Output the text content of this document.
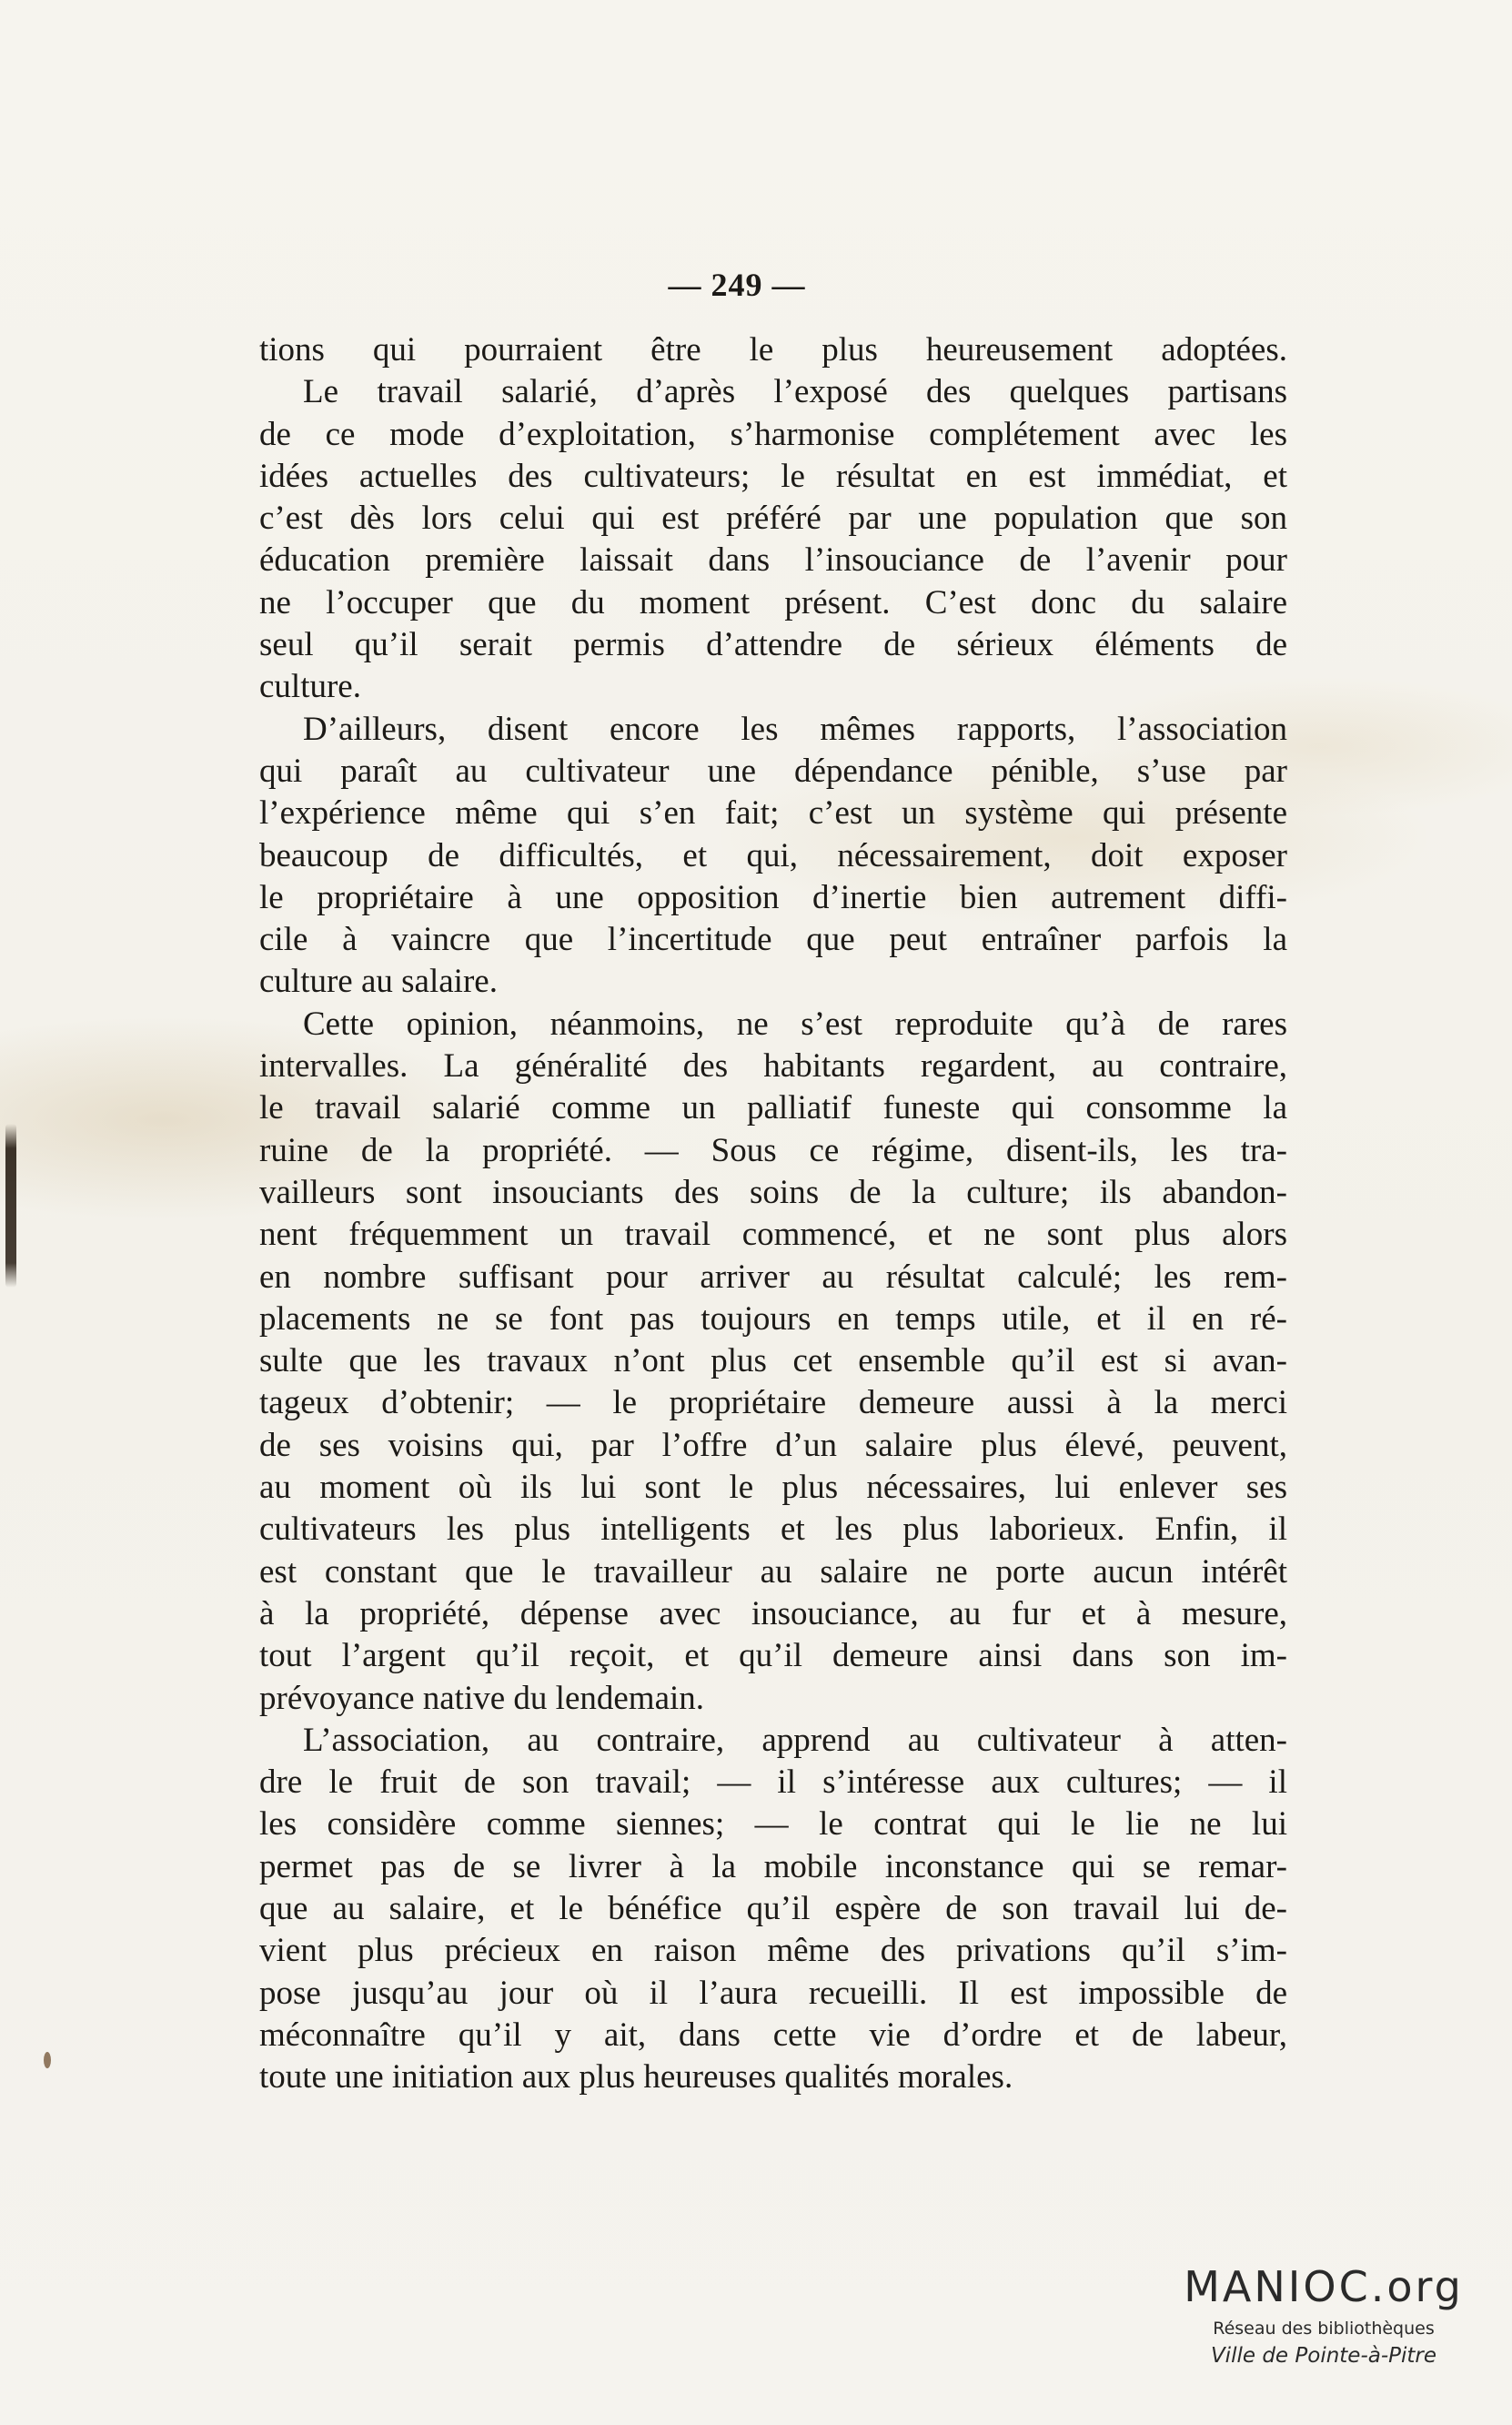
— 249 —
tions qui pourraient être le plus heureusement adoptées.
Le travail salarié, d’après l’exposé des quelques partisans
de ce mode d’exploitation, s’harmonise complétement avec les
idées actuelles des cultivateurs; le résultat en est immédiat, et
c’est dès lors celui qui est préféré par une population que son
éducation première laissait dans l’insouciance de l’avenir pour
ne l’occuper que du moment présent. C’est donc du salaire
seul qu’il serait permis d’attendre de sérieux éléments de
culture.
D’ailleurs, disent encore les mêmes rapports, l’association
qui paraît au cultivateur une dépendance pénible, s’use par
l’expérience même qui s’en fait; c’est un système qui présente
beaucoup de difficultés, et qui, nécessairement, doit exposer
le propriétaire à une opposition d’inertie bien autrement diffi-
cile à vaincre que l’incertitude que peut entraîner parfois la
culture au salaire.
Cette opinion, néanmoins, ne s’est reproduite qu’à de rares
intervalles. La généralité des habitants regardent, au contraire,
le travail salarié comme un palliatif funeste qui consomme la
ruine de la propriété. — Sous ce régime, disent-ils, les tra-
vailleurs sont insouciants des soins de la culture; ils abandon-
nent fréquemment un travail commencé, et ne sont plus alors
en nombre suffisant pour arriver au résultat calculé; les rem-
placements ne se font pas toujours en temps utile, et il en ré-
sulte que les travaux n’ont plus cet ensemble qu’il est si avan-
tageux d’obtenir; — le propriétaire demeure aussi à la merci
de ses voisins qui, par l’offre d’un salaire plus élevé, peuvent,
au moment où ils lui sont le plus nécessaires, lui enlever ses
cultivateurs les plus intelligents et les plus laborieux. Enfin, il
est constant que le travailleur au salaire ne porte aucun intérêt
à la propriété, dépense avec insouciance, au fur et à mesure,
tout l’argent qu’il reçoit, et qu’il demeure ainsi dans son im-
prévoyance native du lendemain.
L’association, au contraire, apprend au cultivateur à atten-
dre le fruit de son travail; — il s’intéresse aux cultures; — il
les considère comme siennes; — le contrat qui le lie ne lui
permet pas de se livrer à la mobile inconstance qui se remar-
que au salaire, et le bénéfice qu’il espère de son travail lui de-
vient plus précieux en raison même des privations qu’il s’im-
pose jusqu’au jour où il l’aura recueilli. Il est impossible de
méconnaître qu’il y ait, dans cette vie d’ordre et de labeur,
toute une initiation aux plus heureuses qualités morales.
MANIOC.org
Réseau des bibliothèques
Ville de Pointe-à-Pitre
